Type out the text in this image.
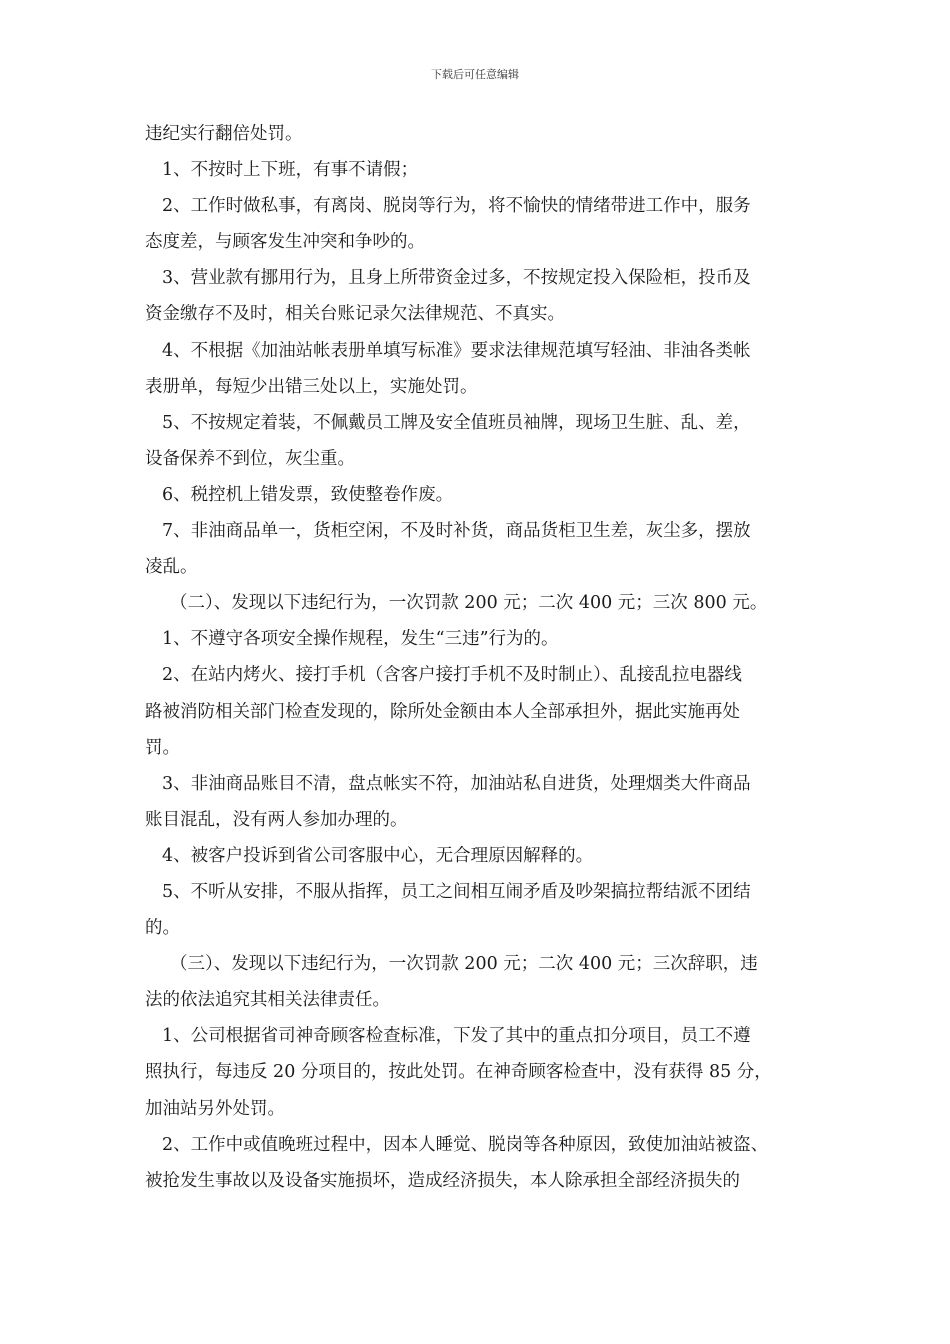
下载后可任意编辑
违纪实行翻倍处罚。
1、不按时上下班，有事不请假；
2、工作时做私事，有离岗、脱岗等行为，将不愉快的情绪带进工作中，服务
态度差，与顾客发生冲突和争吵的。
3、营业款有挪用行为，且身上所带资金过多，不按规定投入保险柜，投币及
资金缴存不及时，相关台账记录欠法律规范、不真实。
4、不根据《加油站帐表册单填写标准》要求法律规范填写轻油、非油各类帐
表册单，每短少出错三处以上，实施处罚。
5、不按规定着装，不佩戴员工牌及安全值班员袖牌，现场卫生脏、乱、差，
设备保养不到位，灰尘重。
6、税控机上错发票，致使整卷作废。
7、非油商品单一，货柜空闲，不及时补货，商品货柜卫生差，灰尘多，摆放
凌乱。
（二）、发现以下违纪行为，一次罚款 200 元；二次 400 元；三次 800 元。
1、不遵守各项安全操作规程，发生“三违”行为的。
2、在站内烤火、接打手机（含客户接打手机不及时制止）、乱接乱拉电器线
路被消防相关部门检查发现的，除所处金额由本人全部承担外，据此实施再处
罚。
3、非油商品账目不清，盘点帐实不符，加油站私自进货，处理烟类大件商品
账目混乱，没有两人参加办理的。
4、被客户投诉到省公司客服中心，无合理原因解释的。
5、不听从安排，不服从指挥，员工之间相互闹矛盾及吵架搞拉帮结派不团结
的。
（三）、发现以下违纪行为，一次罚款 200 元；二次 400 元；三次辞职，违
法的依法追究其相关法律责任。
1、公司根据省司神奇顾客检查标准，下发了其中的重点扣分项目，员工不遵
照执行，每违反 20 分项目的，按此处罚。在神奇顾客检查中，没有获得 85 分，
加油站另外处罚。
2、工作中或值晚班过程中，因本人睡觉、脱岗等各种原因，致使加油站被盗、
被抢发生事故以及设备实施损坏，造成经济损失，本人除承担全部经济损失的
